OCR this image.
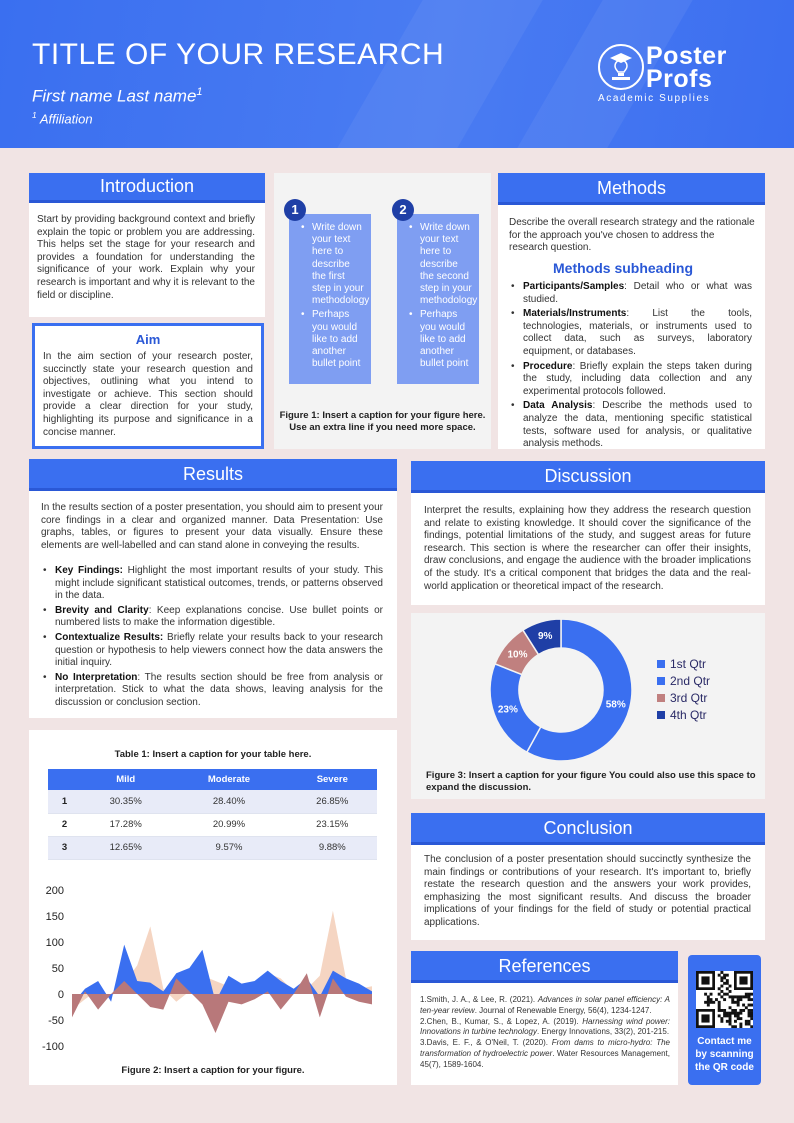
TITLE OF YOUR RESEARCH
First name Last name$^1$
$^1$ Affiliation
Poster
Profs
Academic Supplies
Introduction
Start by providing background context and briefly explain the topic or problem you are addressing. This helps set the stage for your research and provides a foundation for understanding the significance of your work. Explain why your research is important and why it is relevant to the field or discipline.
Aim
In the aim section of your research poster, succinctly state your research question and objectives, outlining what you intend to investigate or achieve. This section should provide a clear direction for your study, highlighting its purpose and significance in a concise manner.
• Write down your text here to describe the first step in your methodology
• Perhaps you would like to add another bullet point
1
• Write down your text here to describe the second step in your methodology
• Perhaps you would like to add another bullet point
2
Figure 1: Insert a caption for your figure here.
Use an extra line if you need more space.
Methods
Describe the overall research strategy and the rationale for the approach you've chosen to address the research question.
Methods subheading
• Participants/Samples: Detail who or what was studied.
• Materials/Instruments: List the tools, technologies, materials, or instruments used to collect data, such as surveys, laboratory equipment, or databases.
• Procedure: Briefly explain the steps taken during the study, including data collection and any experimental protocols followed.
• Data Analysis: Describe the methods used to analyze the data, mentioning specific statistical tests, software used for analysis, or qualitative analysis methods.
Results
In the results section of a poster presentation, you should aim to present your core findings in a clear and organized manner. Data Presentation: Use graphs, tables, or figures to present your data visually. Ensure these elements are well-labelled and can stand alone in conveying the results.
• Key Findings: Highlight the most important results of your study. This might include significant statistical outcomes, trends, or patterns observed in the data.
• Brevity and Clarity: Keep explanations concise. Use bullet points or numbered lists to make the information digestible.
• Contextualize Results: Briefly relate your results back to your research question or hypothesis to help viewers connect how the data answers the initial inquiry.
• No Interpretation: The results section should be free from analysis or interpretation. Stick to what the data shows, leaving analysis for the discussion or conclusion section.
Table 1: Insert a caption for your table here.
	Mild	Moderate	Severe
1	30.35%	28.40%	26.85%
2	17.28%	20.99%	23.15%
3	12.65%	9.57%	9.88%
-100
-50
0
50
100
150
200
Figure 2: Insert a caption for your figure.
Discussion
Interpret the results, explaining how they address the research question and relate to existing knowledge. It should cover the significance of the findings, potential limitations of the study, and suggest areas for future research. This section is where the researcher can offer their insights, draw conclusions, and engage the audience with the broader implications of the study. It's a critical component that bridges the data and the real-world application or theoretical impact of the research.
58%
23%
10%
9%
1st Qtr
2nd Qtr
3rd Qtr
4th Qtr
Figure 3: Insert a caption for your figure You could also use this space to expand the discussion.
Conclusion
The conclusion of a poster presentation should succinctly synthesize the main findings or contributions of your research. It's important to, briefly restate the research question and the answers your work provides, emphasizing the most significant results. And discuss the broader implications of your findings for the field of study or potential practical applications.
References
1.Smith, J. A., & Lee, R. (2021). Advances in solar panel efficiency: A ten-year review. Journal of Renewable Energy, 56(4), 1234-1247.
2.Chen, B., Kumar, S., & Lopez, A. (2019). Harnessing wind power: Innovations in turbine technology. Energy Innovations, 33(2), 201-215.
3.Davis, E. F., & O'Neil, T. (2020). From dams to micro-hydro: The transformation of hydroelectric power. Water Resources Management, 45(7), 1589-1604.
Contact me
by scanning
the QR code
